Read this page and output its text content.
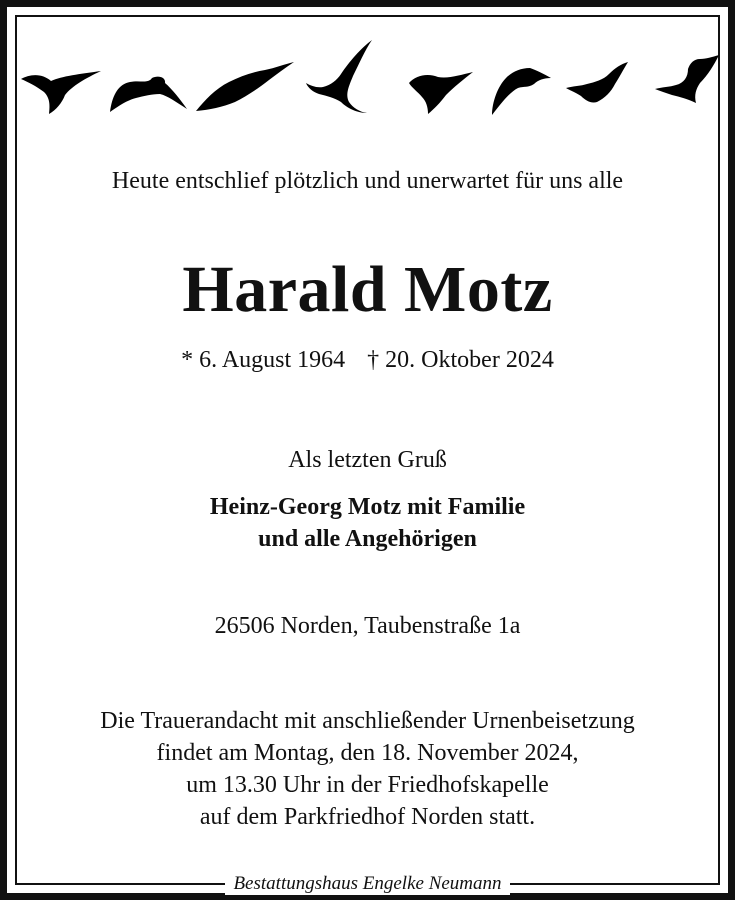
Heute entschlief plötzlich und unerwartet für uns alle
Harald Motz
* 6. August 1964 † 20. Oktober 2024
Als letzten Gruß
Heinz-Georg Motz mit Familie
und alle Angehörigen
26506 Norden, Taubenstraße 1a
Die Trauerandacht mit anschließender Urnenbeisetzung
findet am Montag, den 18. November 2024,
um 13.30 Uhr in der Friedhofskapelle
auf dem Parkfriedhof Norden statt.
Bestattungshaus Engelke Neumann
